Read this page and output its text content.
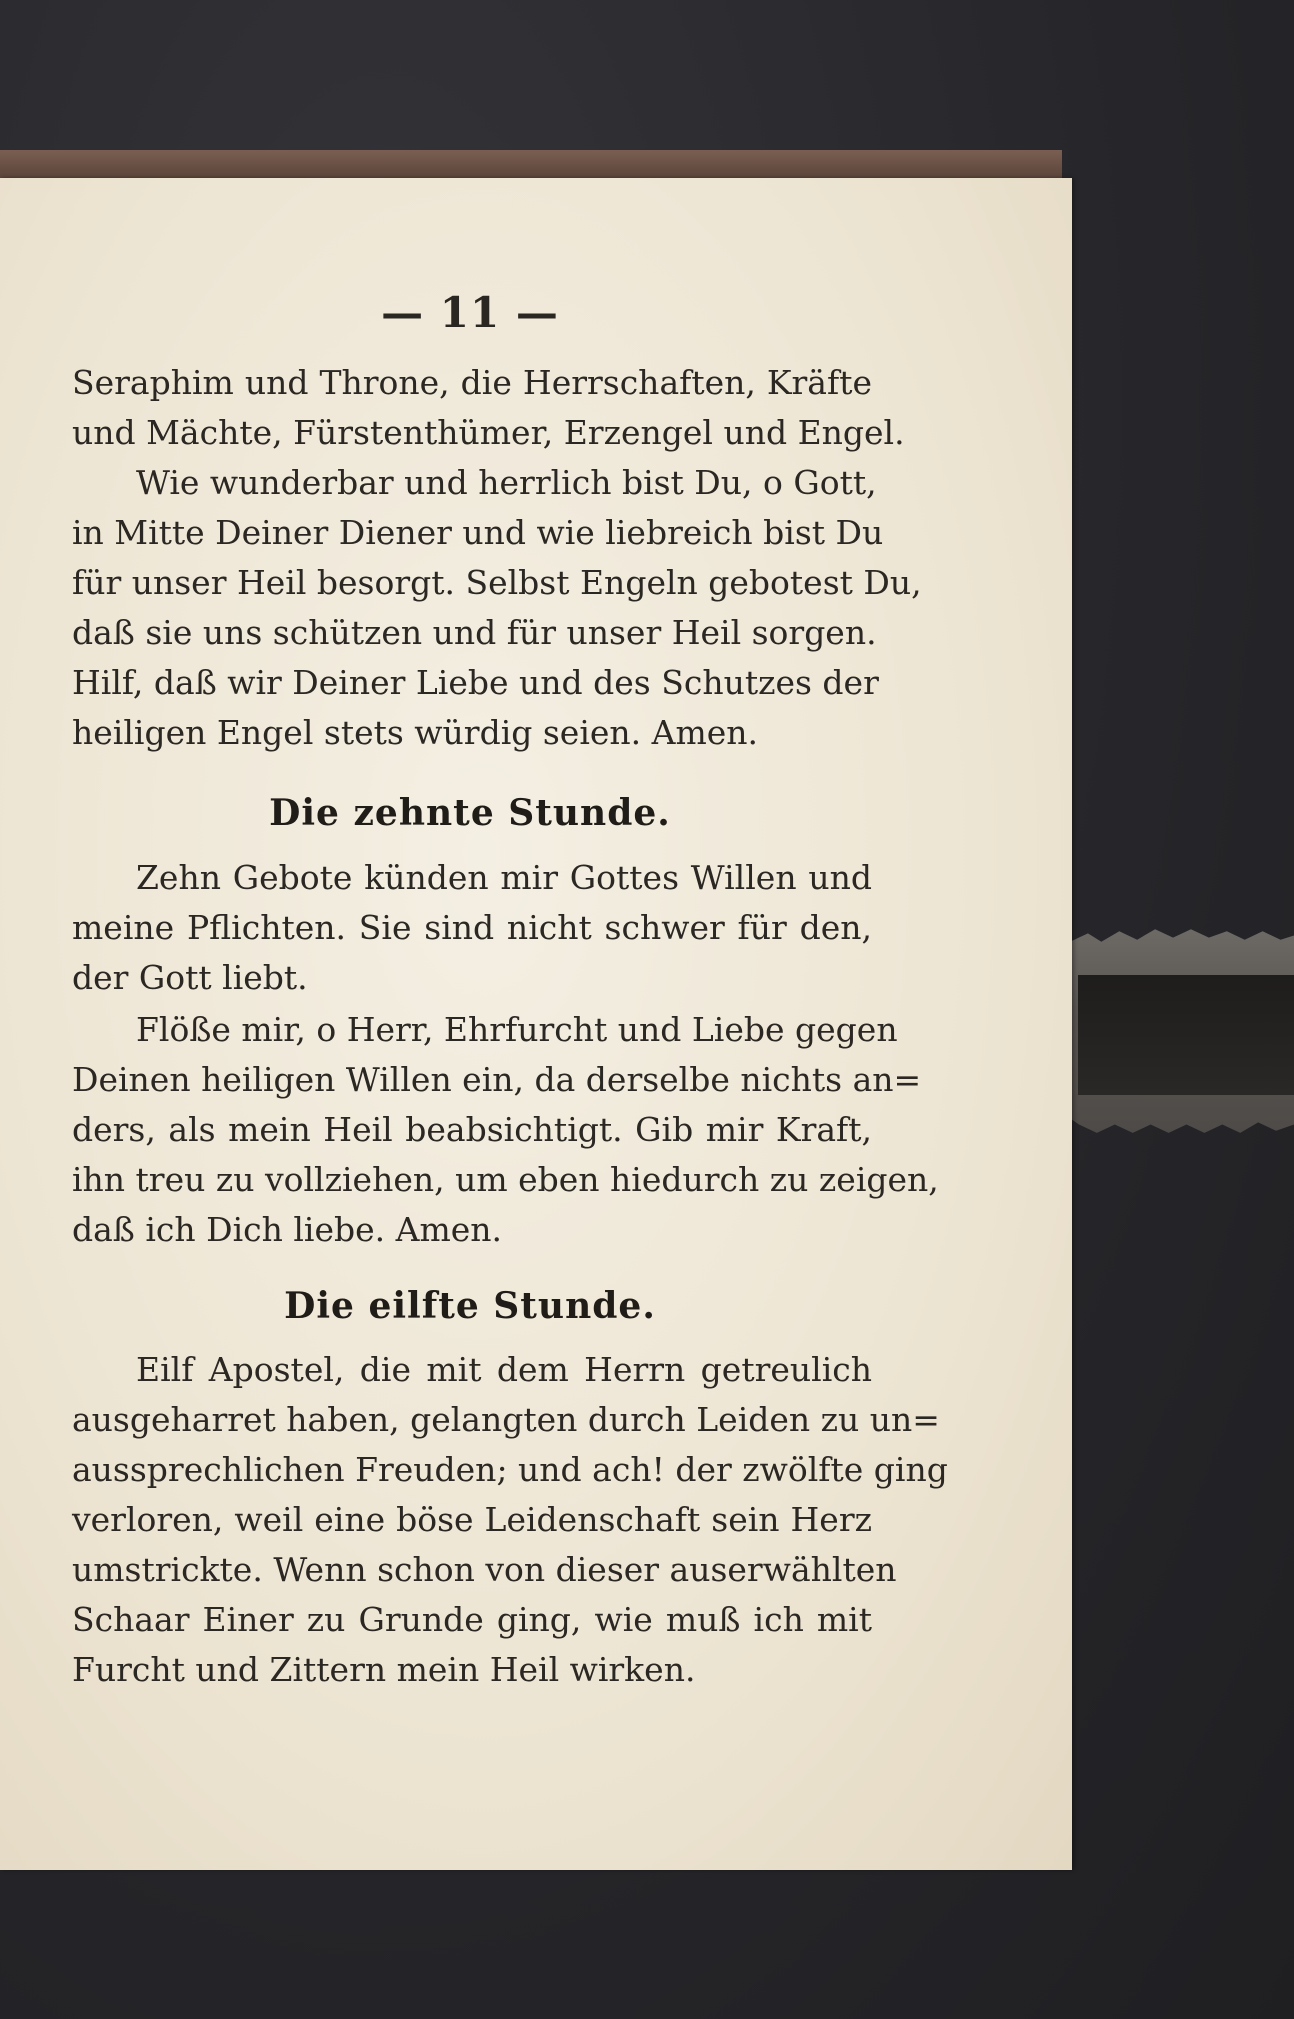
— 11 —
Seraphim und Throne, die Herrschaften, Kräfte
und Mächte, Fürstenthümer, Erzengel und Engel.
Wie wunderbar und herrlich bist Du, o Gott,
in Mitte Deiner Diener und wie liebreich bist Du
für unser Heil besorgt. Selbst Engeln gebotest Du,
daß sie uns schützen und für unser Heil sorgen.
Hilf, daß wir Deiner Liebe und des Schutzes der
heiligen Engel stets würdig seien. Amen.
Die zehnte Stunde.
Zehn Gebote künden mir Gottes Willen und
meine Pflichten. Sie sind nicht schwer für den,
der Gott liebt.
Flöße mir, o Herr, Ehrfurcht und Liebe gegen
Deinen heiligen Willen ein, da derselbe nichts an=
ders, als mein Heil beabsichtigt. Gib mir Kraft,
ihn treu zu vollziehen, um eben hiedurch zu zeigen,
daß ich Dich liebe. Amen.
Die eilfte Stunde.
Eilf Apostel, die mit dem Herrn getreulich
ausgeharret haben, gelangten durch Leiden zu un=
aussprechlichen Freuden; und ach! der zwölfte ging
verloren, weil eine böse Leidenschaft sein Herz
umstrickte. Wenn schon von dieser auserwählten
Schaar Einer zu Grunde ging, wie muß ich mit
Furcht und Zittern mein Heil wirken.
